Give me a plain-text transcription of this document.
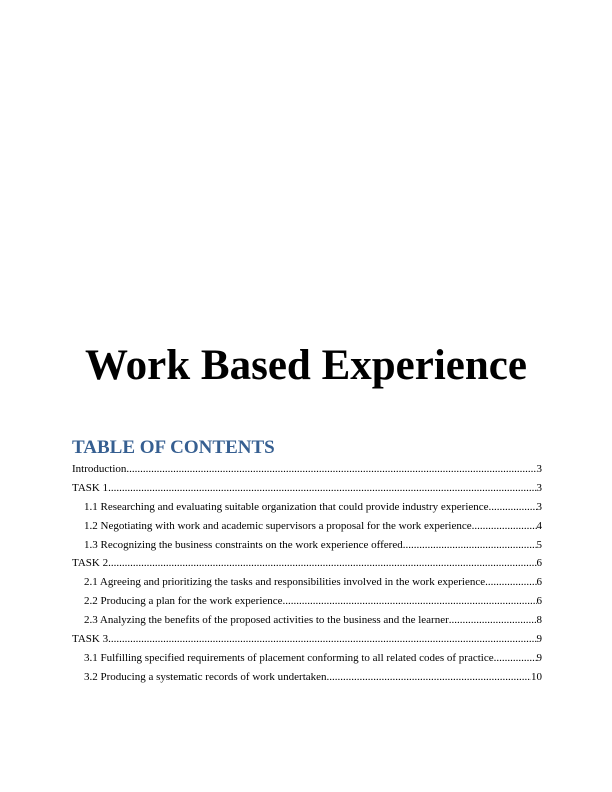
Work Based Experience
TABLE OF CONTENTS
Introduction .....	3
TASK 1 .....	3
1.1 Researching and evaluating suitable organization that could provide industry experience .....	3
1.2 Negotiating with work and academic supervisors a proposal for the work experience .....	4
1.3 Recognizing the business constraints on the work experience offered .....	5
TASK 2 .....	6
2.1 Agreeing and prioritizing the tasks and responsibilities involved in the work experience .....	6
2.2 Producing a plan for the work experience .....	6
2.3 Analyzing the benefits of the proposed activities to the business and the learner .....	8
TASK 3 .....	9
3.1 Fulfilling specified requirements of placement conforming to all related codes of practice. .....	9
3.2 Producing a systematic records of work undertaken .....	10
